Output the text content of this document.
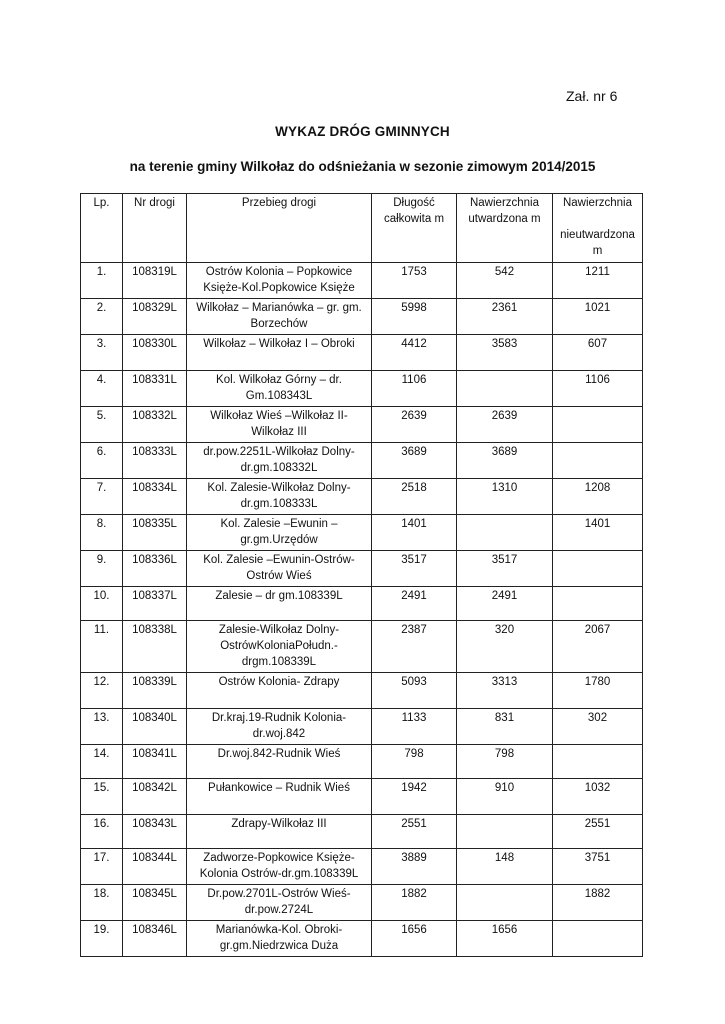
Zał. nr 6
WYKAZ DRÓG GMINNYCH
na terenie gminy Wilkołaz do odśnieżania w sezonie zimowym 2014/2015
Lp.	Nr drogi	Przebieg drogi	Długość całkowita m	Nawierzchnia utwardzona m	Nawierzchnia
nieutwardzona m

1.	108319L	Ostrów Kolonia – Popkowice Księże-Kol.Popkowice Księże	1753	542	1211
2.	108329L	Wilkołaz – Marianówka – gr. gm. Borzechów	5998	2361	1021
3.	108330L	Wilkołaz – Wilkołaz I – Obroki	4412	3583	607
4.	108331L	Kol. Wilkołaz Górny – dr. Gm.108343L	1106		1106
5.	108332L	Wilkołaz Wieś –Wilkołaz II-Wilkołaz III	2639	2639	
6.	108333L	dr.pow.2251L-Wilkołaz Dolny-dr.gm.108332L	3689	3689	
7.	108334L	Kol. Zalesie-Wilkołaz Dolny-dr.gm.108333L	2518	1310	1208
8.	108335L	Kol. Zalesie –Ewunin – gr.gm.Urzędów	1401		1401
9.	108336L	Kol. Zalesie –Ewunin-Ostrów-Ostrów Wieś	3517	3517	
10.	108337L	Zalesie – dr gm.108339L	2491	2491	
11.	108338L	Zalesie-Wilkołaz Dolny-OstrówKoloniaPołudn.-drgm.108339L	2387	320	2067
12.	108339L	Ostrów Kolonia- Zdrapy	5093	3313	1780
13.	108340L	Dr.kraj.19-Rudnik Kolonia-dr.woj.842	1133	831	302
14.	108341L	Dr.woj.842-Rudnik Wieś	798	798	
15.	108342L	Pułankowice – Rudnik Wieś	1942	910	1032
16.	108343L	Zdrapy-Wilkołaz III	2551		2551
17.	108344L	Zadworze-Popkowice Księże-Kolonia Ostrów-dr.gm.108339L	3889	148	3751
18.	108345L	Dr.pow.2701L-Ostrów Wieś-dr.pow.2724L	1882		1882
19.	108346L	Marianówka-Kol. Obroki-gr.gm.Niedrzwica Duża	1656	1656	
